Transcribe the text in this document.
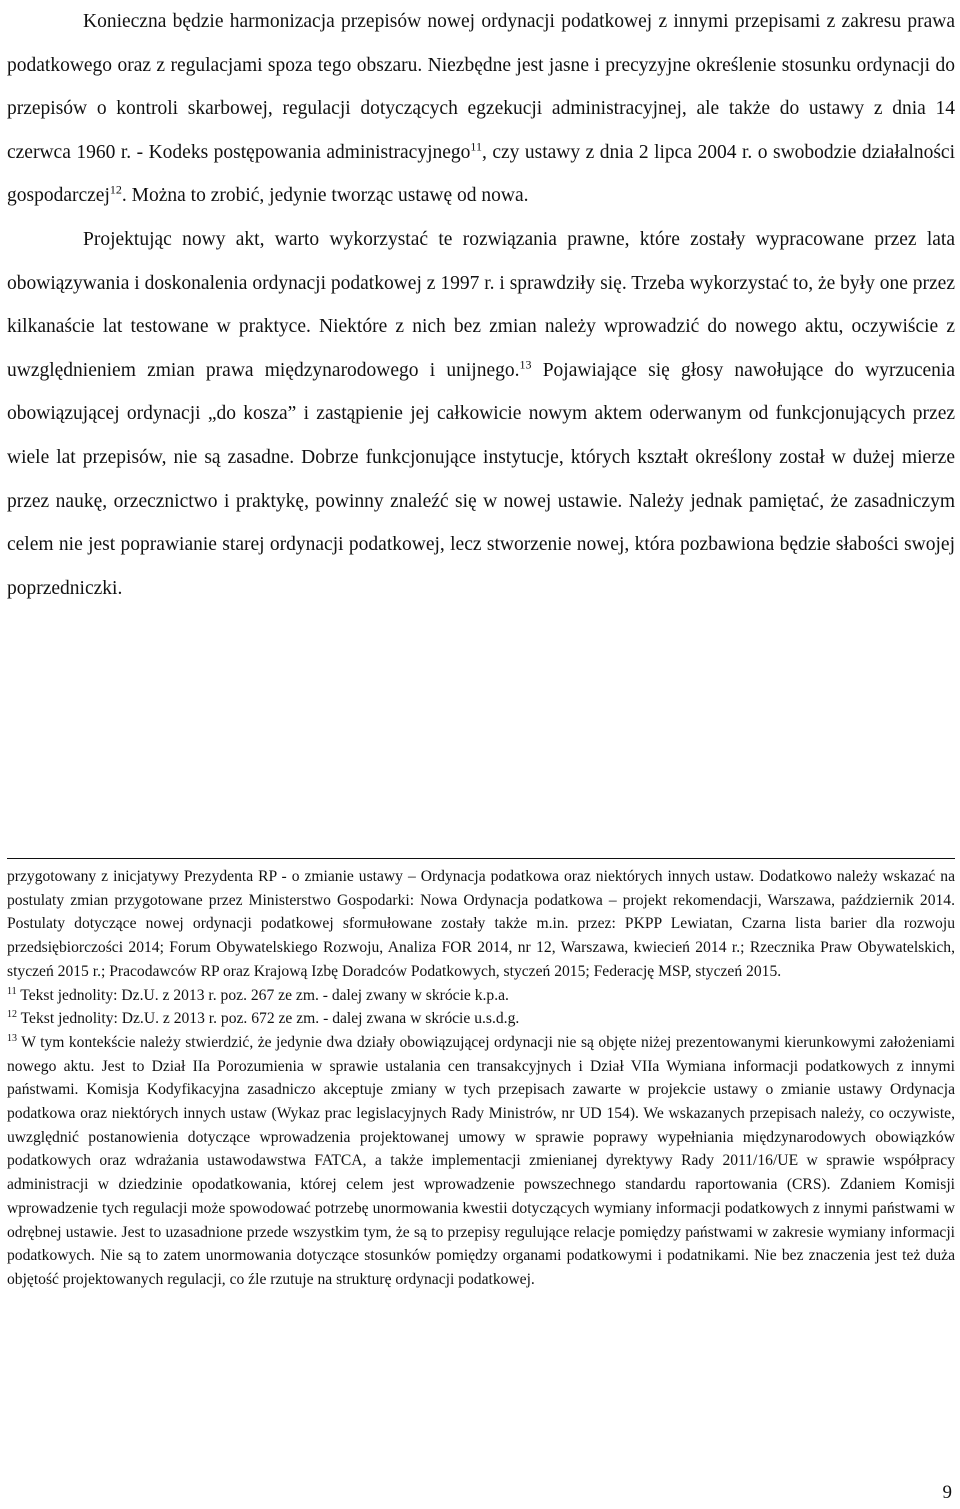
Konieczna będzie harmonizacja przepisów nowej ordynacji podatkowej z innymi przepisami z zakresu prawa podatkowego oraz z regulacjami spoza tego obszaru. Niezbędne jest jasne i precyzyjne określenie stosunku ordynacji do przepisów o kontroli skarbowej, regulacji dotyczących egzekucji administracyjnej, ale także do ustawy z dnia 14 czerwca 1960 r. - Kodeks postępowania administracyjnego$^{11}$, czy ustawy z dnia 2 lipca 2004 r. o swobodzie działalności gospodarczej$^{12}$. Można to zrobić, jedynie tworząc ustawę od nowa.

Projektując nowy akt, warto wykorzystać te rozwiązania prawne, które zostały wypracowane przez lata obowiązywania i doskonalenia ordynacji podatkowej z 1997 r. i sprawdziły się. Trzeba wykorzystać to, że były one przez kilkanaście lat testowane w praktyce. Niektóre z nich bez zmian należy wprowadzić do nowego aktu, oczywiście z uwzględnieniem zmian prawa międzynarodowego i unijnego.$^{13}$ Pojawiające się głosy nawołujące do wyrzucenia obowiązującej ordynacji „do kosza” i zastąpienie jej całkowicie nowym aktem oderwanym od funkcjonujących przez wiele lat przepisów, nie są zasadne. Dobrze funkcjonujące instytucje, których kształt określony został w dużej mierze przez naukę, orzecznictwo i praktykę, powinny znaleźć się w nowej ustawie. Należy jednak pamiętać, że zasadniczym celem nie jest poprawianie starej ordynacji podatkowej, lecz stworzenie nowej, która pozbawiona będzie słabości swojej poprzedniczki.

przygotowany z inicjatywy Prezydenta RP - o zmianie ustawy – Ordynacja podatkowa oraz niektórych innych ustaw. Dodatkowo należy wskazać na postulaty zmian przygotowane przez Ministerstwo Gospodarki: Nowa Ordynacja podatkowa – projekt rekomendacji, Warszawa, październik 2014. Postulaty dotyczące nowej ordynacji podatkowej sformułowane zostały także m.in. przez: PKPP Lewiatan, Czarna lista barier dla rozwoju przedsiębiorczości 2014; Forum Obywatelskiego Rozwoju, Analiza FOR 2014, nr 12, Warszawa, kwiecień 2014 r.; Rzecznika Praw Obywatelskich, styczeń 2015 r.; Pracodawców RP oraz Krajową Izbę Doradców Podatkowych, styczeń 2015; Federację MSP, styczeń 2015.

$^{11}$ Tekst jednolity: Dz.U. z 2013 r. poz. 267 ze zm. - dalej zwany w skrócie k.p.a.

$^{12}$ Tekst jednolity: Dz.U. z 2013 r. poz. 672 ze zm. - dalej zwana w skrócie u.s.d.g.

$^{13}$ W tym kontekście należy stwierdzić, że jedynie dwa działy obowiązującej ordynacji nie są objęte niżej prezentowanymi kierunkowymi założeniami nowego aktu. Jest to Dział IIa Porozumienia w sprawie ustalania cen transakcyjnych i Dział VIIa Wymiana informacji podatkowych z innymi państwami. Komisja Kodyfikacyjna zasadniczo akceptuje zmiany w tych przepisach zawarte w projekcie ustawy o zmianie ustawy Ordynacja podatkowa oraz niektórych innych ustaw (Wykaz prac legislacyjnych Rady Ministrów, nr UD 154). We wskazanych przepisach należy, co oczywiste, uwzględnić postanowienia dotyczące wprowadzenia projektowanej umowy w sprawie poprawy wypełniania międzynarodowych obowiązków podatkowych oraz wdrażania ustawodawstwa FATCA, a także implementacji zmienianej dyrektywy Rady 2011/16/UE w sprawie współpracy administracji w dziedzinie opodatkowania, której celem jest wprowadzenie powszechnego standardu raportowania (CRS). Zdaniem Komisji wprowadzenie tych regulacji może spowodować potrzebę unormowania kwestii dotyczących wymiany informacji podatkowych z innymi państwami w odrębnej ustawie. Jest to uzasadnione przede wszystkim tym, że są to przepisy regulujące relacje pomiędzy państwami w zakresie wymiany informacji podatkowych. Nie są to zatem unormowania dotyczące stosunków pomiędzy organami podatkowymi i podatnikami. Nie bez znaczenia jest też duża objętość projektowanych regulacji, co źle rzutuje na strukturę ordynacji podatkowej.

9
